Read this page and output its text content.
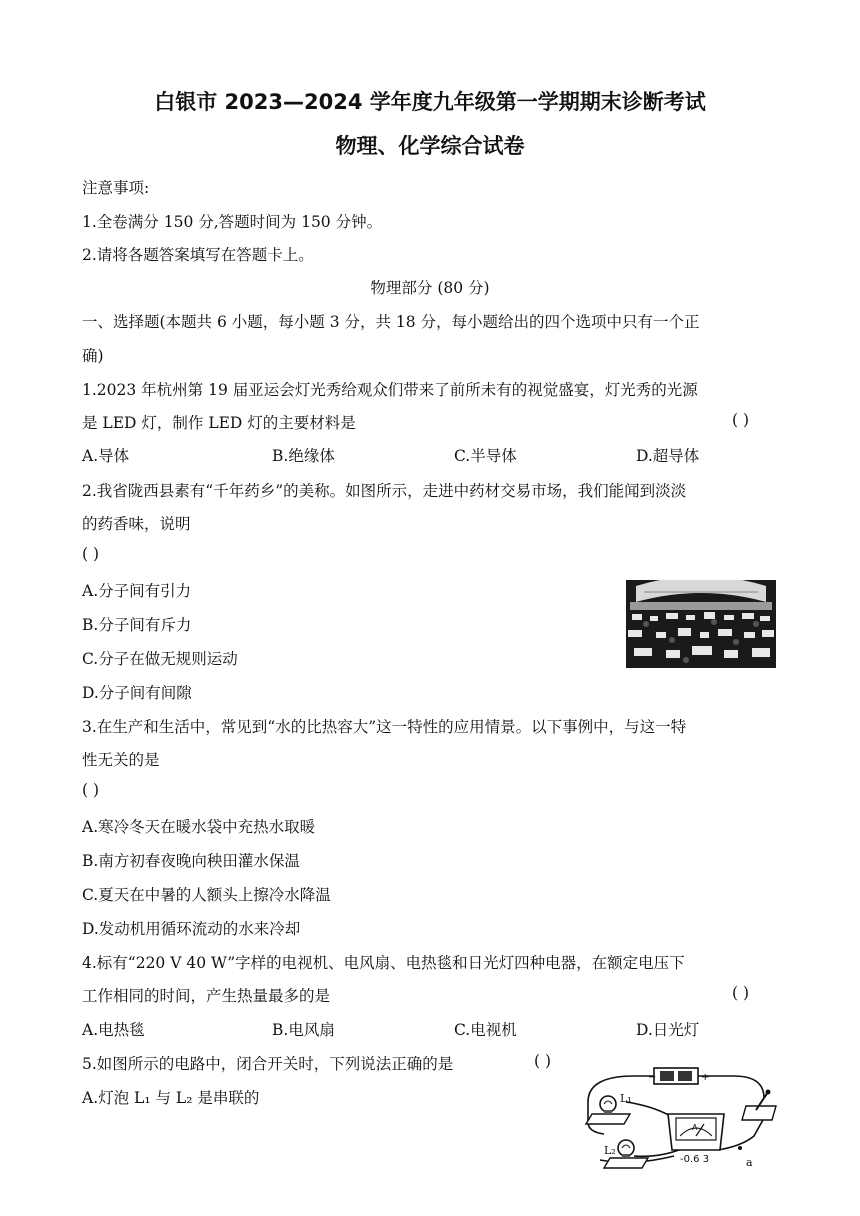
白银市 2023—2024 学年度九年级第一学期期末诊断考试
物理、化学综合试卷
注意事项:
1.全卷满分 150 分,答题时间为 150 分钟。
2.请将各题答案填写在答题卡上。
物理部分 (80 分)
一、选择题(本题共 6 小题，每小题 3 分，共 18 分，每小题给出的四个选项中只有一个正
确)
1.2023 年杭州第 19 届亚运会灯光秀给观众们带来了前所未有的视觉盛宴，灯光秀的光源
是 LED 灯，制作 LED 灯的主要材料是	( )
A.导体	B.绝缘体	C.半导体	D.超导体
2.我省陇西县素有“千年药乡”的美称。如图所示，走进中药材交易市场，我们能闻到淡淡
的药香味，说明
( )
A.分子间有引力
B.分子间有斥力
C.分子在做无规则运动
D.分子间有间隙
3.在生产和生活中，常见到“水的比热容大”这一特性的应用情景。以下事例中，与这一特
性无关的是
( )
A.寒冷冬天在暖水袋中充热水取暖
B.南方初春夜晚向秧田灌水保温
C.夏天在中暑的人额头上擦冷水降温
D.发动机用循环流动的水来冷却
4.标有“220 V 40 W”字样的电视机、电风扇、电热毯和日光灯四种电器，在额定电压下
工作相同的时间，产生热量最多的是	( )
A.电热毯	B.电风扇	C.电视机	D.日光灯
5.如图所示的电路中，闭合开关时，下列说法正确的是	( )
A.灯泡 L₁ 与 L₂ 是串联的
−	+
L₁
L₂
A
-0.6 3	a
